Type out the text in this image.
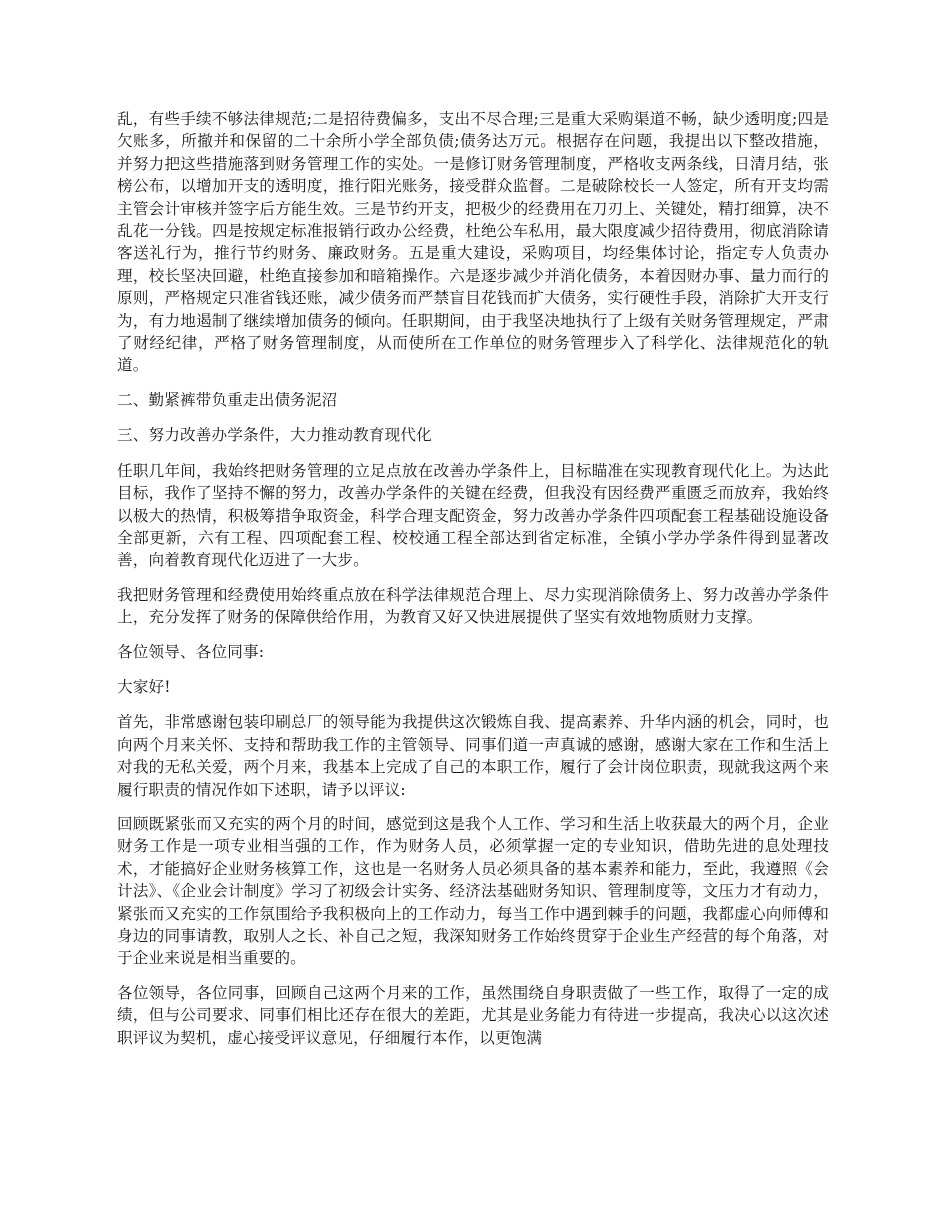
乱，有些手续不够法律规范;二是招待费偏多，支出不尽合理;三是重大采购渠道不畅，缺少透明度;四是欠账多，所撤并和保留的二十余所小学全部负债;债务达万元。根据存在问题，我提出以下整改措施，并努力把这些措施落到财务管理工作的实处。一是修订财务管理制度，严格收支两条线，日清月结，张榜公布，以增加开支的透明度，推行阳光账务，接受群众监督。二是破除校长一人签定，所有开支均需主管会计审核并签字后方能生效。三是节约开支，把极少的经费用在刀刃上、关键处，精打细算，决不乱花一分钱。四是按规定标准报销行政办公经费，杜绝公车私用，最大限度减少招待费用，彻底消除请客送礼行为，推行节约财务、廉政财务。五是重大建设，采购项目，均经集体讨论，指定专人负责办理，校长坚决回避，杜绝直接参加和暗箱操作。六是逐步减少并消化债务，本着因财办事、量力而行的原则，严格规定只准省钱还账，减少债务而严禁盲目花钱而扩大债务，实行硬性手段，消除扩大开支行为，有力地遏制了继续增加债务的倾向。任职期间，由于我坚决地执行了上级有关财务管理规定，严肃了财经纪律，严格了财务管理制度，从而使所在工作单位的财务管理步入了科学化、法律规范化的轨道。

二、勤紧裤带负重走出债务泥沼

三、努力改善办学条件，大力推动教育现代化

任职几年间，我始终把财务管理的立足点放在改善办学条件上，目标瞄准在实现教育现代化上。为达此目标，我作了坚持不懈的努力，改善办学条件的关键在经费，但我没有因经费严重匮乏而放弃，我始终以极大的热情，积极筹措争取资金，科学合理支配资金，努力改善办学条件四项配套工程基础设施设备全部更新，六有工程、四项配套工程、校校通工程全部达到省定标准，全镇小学办学条件得到显著改善，向着教育现代化迈进了一大步。

我把财务管理和经费使用始终重点放在科学法律规范合理上、尽力实现消除债务上、努力改善办学条件上，充分发挥了财务的保障供给作用，为教育又好又快进展提供了坚实有效地物质财力支撑。

各位领导、各位同事:

大家好!

首先，非常感谢包装印刷总厂的领导能为我提供这次锻炼自我、提高素养、升华内涵的机会，同时，也向两个月来关怀、支持和帮助我工作的主管领导、同事们道一声真诚的感谢，感谢大家在工作和生活上对我的无私关爱，两个月来，我基本上完成了自己的本职工作，履行了会计岗位职责，现就我这两个来履行职责的情况作如下述职，请予以评议:

回顾既紧张而又充实的两个月的时间，感觉到这是我个人工作、学习和生活上收获最大的两个月，企业财务工作是一项专业相当强的工作，作为财务人员，必须掌握一定的专业知识，借助先进的息处理技术，才能搞好企业财务核算工作，这也是一名财务人员必须具备的基本素养和能力，至此，我遵照《会计法》、《企业会计制度》学习了初级会计实务、经济法基础财务知识、管理制度等，文压力才有动力，紧张而又充实的工作氛围给予我积极向上的工作动力，每当工作中遇到棘手的问题，我都虚心向师傅和身边的同事请教，取别人之长、补自己之短，我深知财务工作始终贯穿于企业生产经营的每个角落，对于企业来说是相当重要的。

各位领导，各位同事，回顾自己这两个月来的工作，虽然围绕自身职责做了一些工作，取得了一定的成绩，但与公司要求、同事们相比还存在很大的差距，尤其是业务能力有待进一步提高，我决心以这次述职评议为契机，虚心接受评议意见，仔细履行本作，以更饱满
